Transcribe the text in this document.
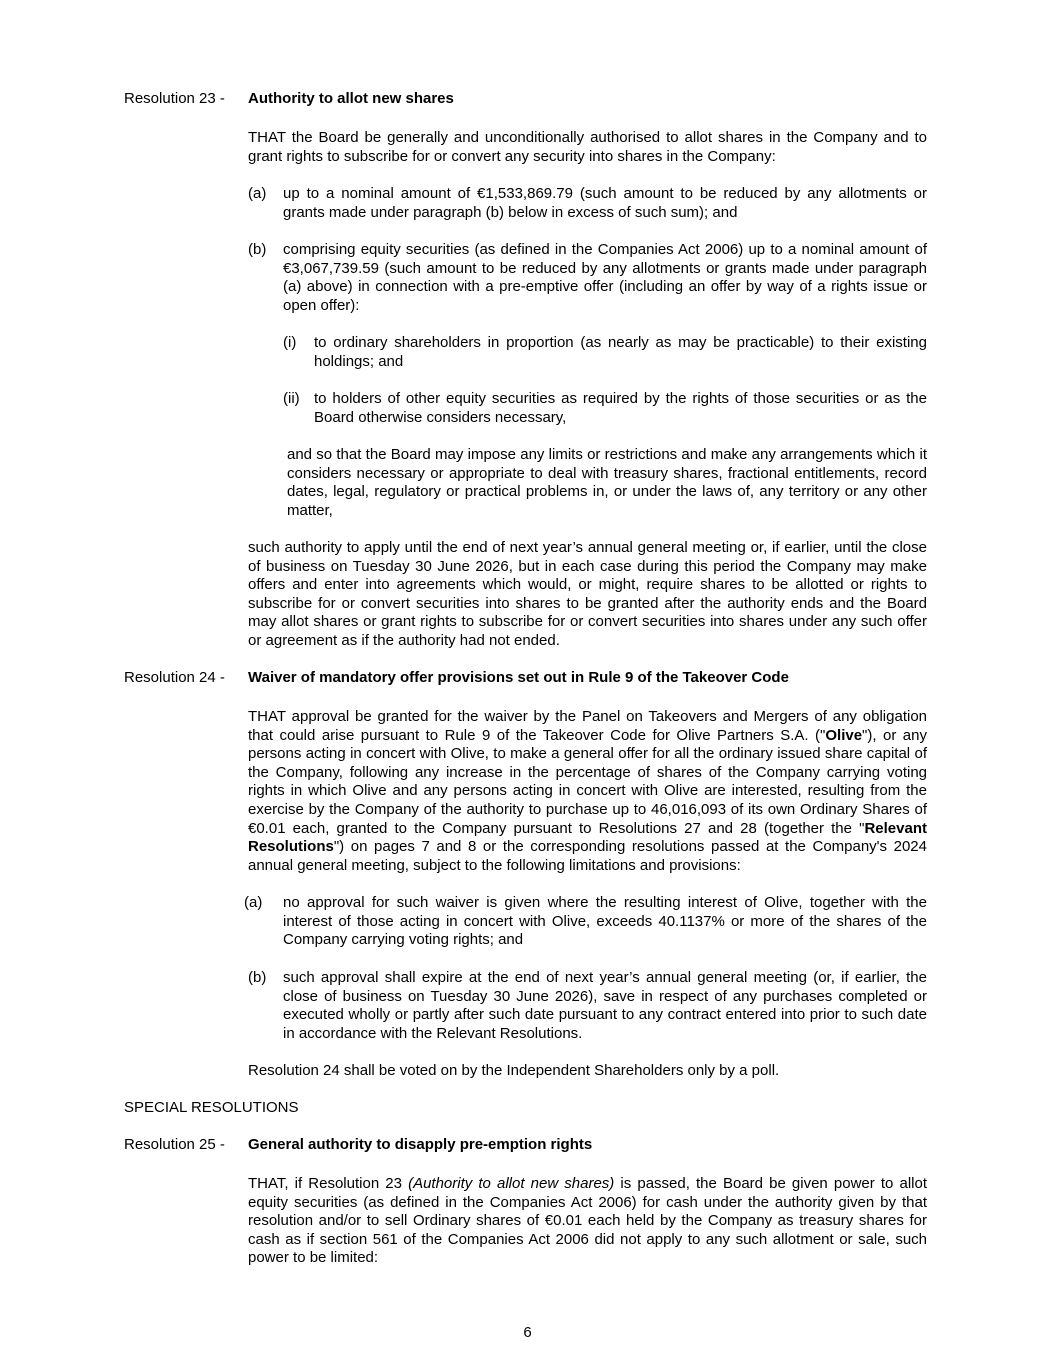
Resolution 23 - Authority to allot new shares

THAT the Board be generally and unconditionally authorised to allot shares in the Company and to grant rights to subscribe for or convert any security into shares in the Company:

(a) up to a nominal amount of €1,533,869.79 (such amount to be reduced by any allotments or grants made under paragraph (b) below in excess of such sum); and
(b) comprising equity securities (as defined in the Companies Act 2006) up to a nominal amount of €3,067,739.59 (such amount to be reduced by any allotments or grants made under paragraph (a) above) in connection with a pre-emptive offer (including an offer by way of a rights issue or open offer):
(i) to ordinary shareholders in proportion (as nearly as may be practicable) to their existing holdings; and
(ii) to holders of other equity securities as required by the rights of those securities or as the Board otherwise considers necessary,

and so that the Board may impose any limits or restrictions and make any arrangements which it considers necessary or appropriate to deal with treasury shares, fractional entitlements, record dates, legal, regulatory or practical problems in, or under the laws of, any territory or any other matter,

such authority to apply until the end of next year’s annual general meeting or, if earlier, until the close of business on Tuesday 30 June 2026, but in each case during this period the Company may make offers and enter into agreements which would, or might, require shares to be allotted or rights to subscribe for or convert securities into shares to be granted after the authority ends and the Board may allot shares or grant rights to subscribe for or convert securities into shares under any such offer or agreement as if the authority had not ended.

Resolution 24 - Waiver of mandatory offer provisions set out in Rule 9 of the Takeover Code

THAT approval be granted for the waiver by the Panel on Takeovers and Mergers of any obligation that could arise pursuant to Rule 9 of the Takeover Code for Olive Partners S.A. ("Olive"), or any persons acting in concert with Olive, to make a general offer for all the ordinary issued share capital of the Company, following any increase in the percentage of shares of the Company carrying voting rights in which Olive and any persons acting in concert with Olive are interested, resulting from the exercise by the Company of the authority to purchase up to 46,016,093 of its own Ordinary Shares of €0.01 each, granted to the Company pursuant to Resolutions 27 and 28 (together the "Relevant Resolutions") on pages 7 and 8 or the corresponding resolutions passed at the Company's 2024 annual general meeting, subject to the following limitations and provisions:

(a) no approval for such waiver is given where the resulting interest of Olive, together with the interest of those acting in concert with Olive, exceeds 40.1137% or more of the shares of the Company carrying voting rights; and
(b) such approval shall expire at the end of next year’s annual general meeting (or, if earlier, the close of business on Tuesday 30 June 2026), save in respect of any purchases completed or executed wholly or partly after such date pursuant to any contract entered into prior to such date in accordance with the Relevant Resolutions.

Resolution 24 shall be voted on by the Independent Shareholders only by a poll.

SPECIAL RESOLUTIONS
Resolution 25 - General authority to disapply pre-emption rights

THAT, if Resolution 23 (Authority to allot new shares) is passed, the Board be given power to allot equity securities (as defined in the Companies Act 2006) for cash under the authority given by that resolution and/or to sell Ordinary shares of €0.01 each held by the Company as treasury shares for cash as if section 561 of the Companies Act 2006 did not apply to any such allotment or sale, such power to be limited:

6
